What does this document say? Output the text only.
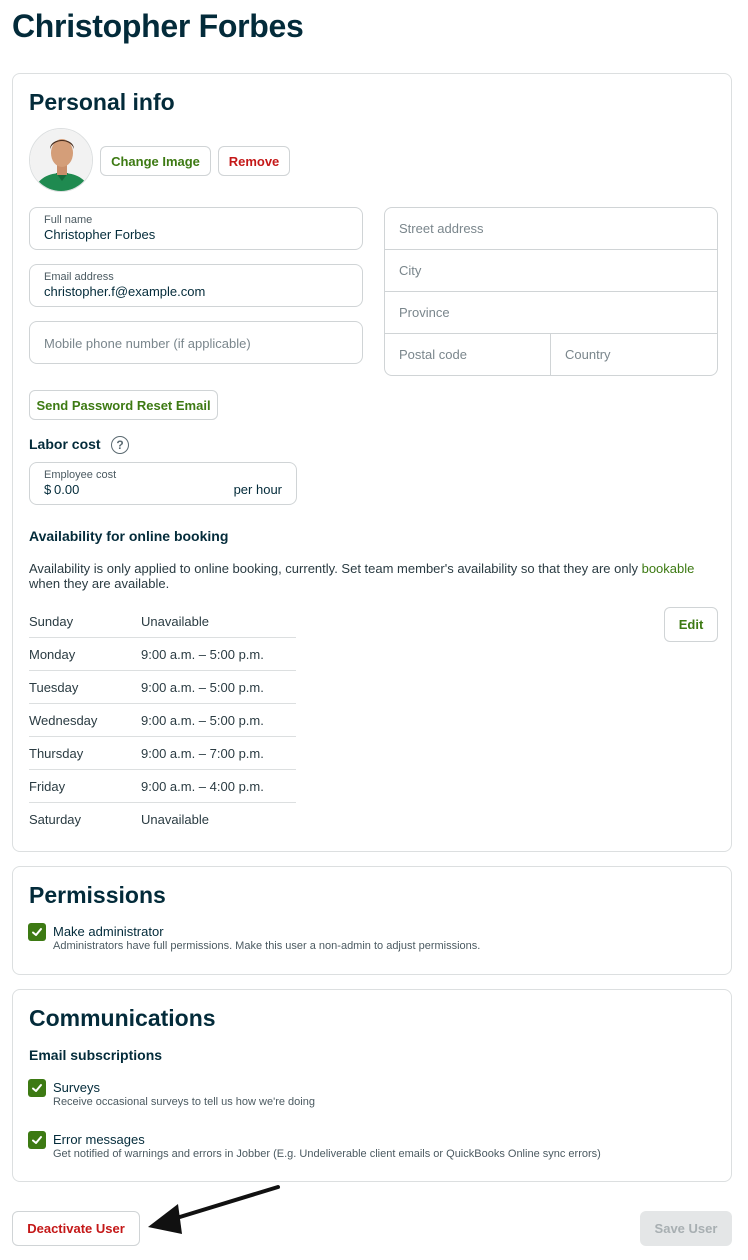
Christopher Forbes
Personal info
Change Image	Remove
Full name
Christopher Forbes
Email address
christopher.f@example.com
Mobile phone number (if applicable)
Street address
City
Province
Postal code	Country
Send Password Reset Email
Labor cost	?
Employee cost
$ 0.00	per hour
Availability for online booking
Availability is only applied to online booking, currently. Set team member's availability so that they are only bookable
when they are available.
Edit
Sunday	Unavailable
Monday	9:00 a.m. – 5:00 p.m.
Tuesday	9:00 a.m. – 5:00 p.m.
Wednesday	9:00 a.m. – 5:00 p.m.
Thursday	9:00 a.m. – 7:00 p.m.
Friday	9:00 a.m. – 4:00 p.m.
Saturday	Unavailable
Permissions
Make administrator
Administrators have full permissions. Make this user a non-admin to adjust permissions.
Communications
Email subscriptions
Surveys
Receive occasional surveys to tell us how we're doing
Error messages
Get notified of warnings and errors in Jobber (E.g. Undeliverable client emails or QuickBooks Online sync errors)
Deactivate User	Save User
